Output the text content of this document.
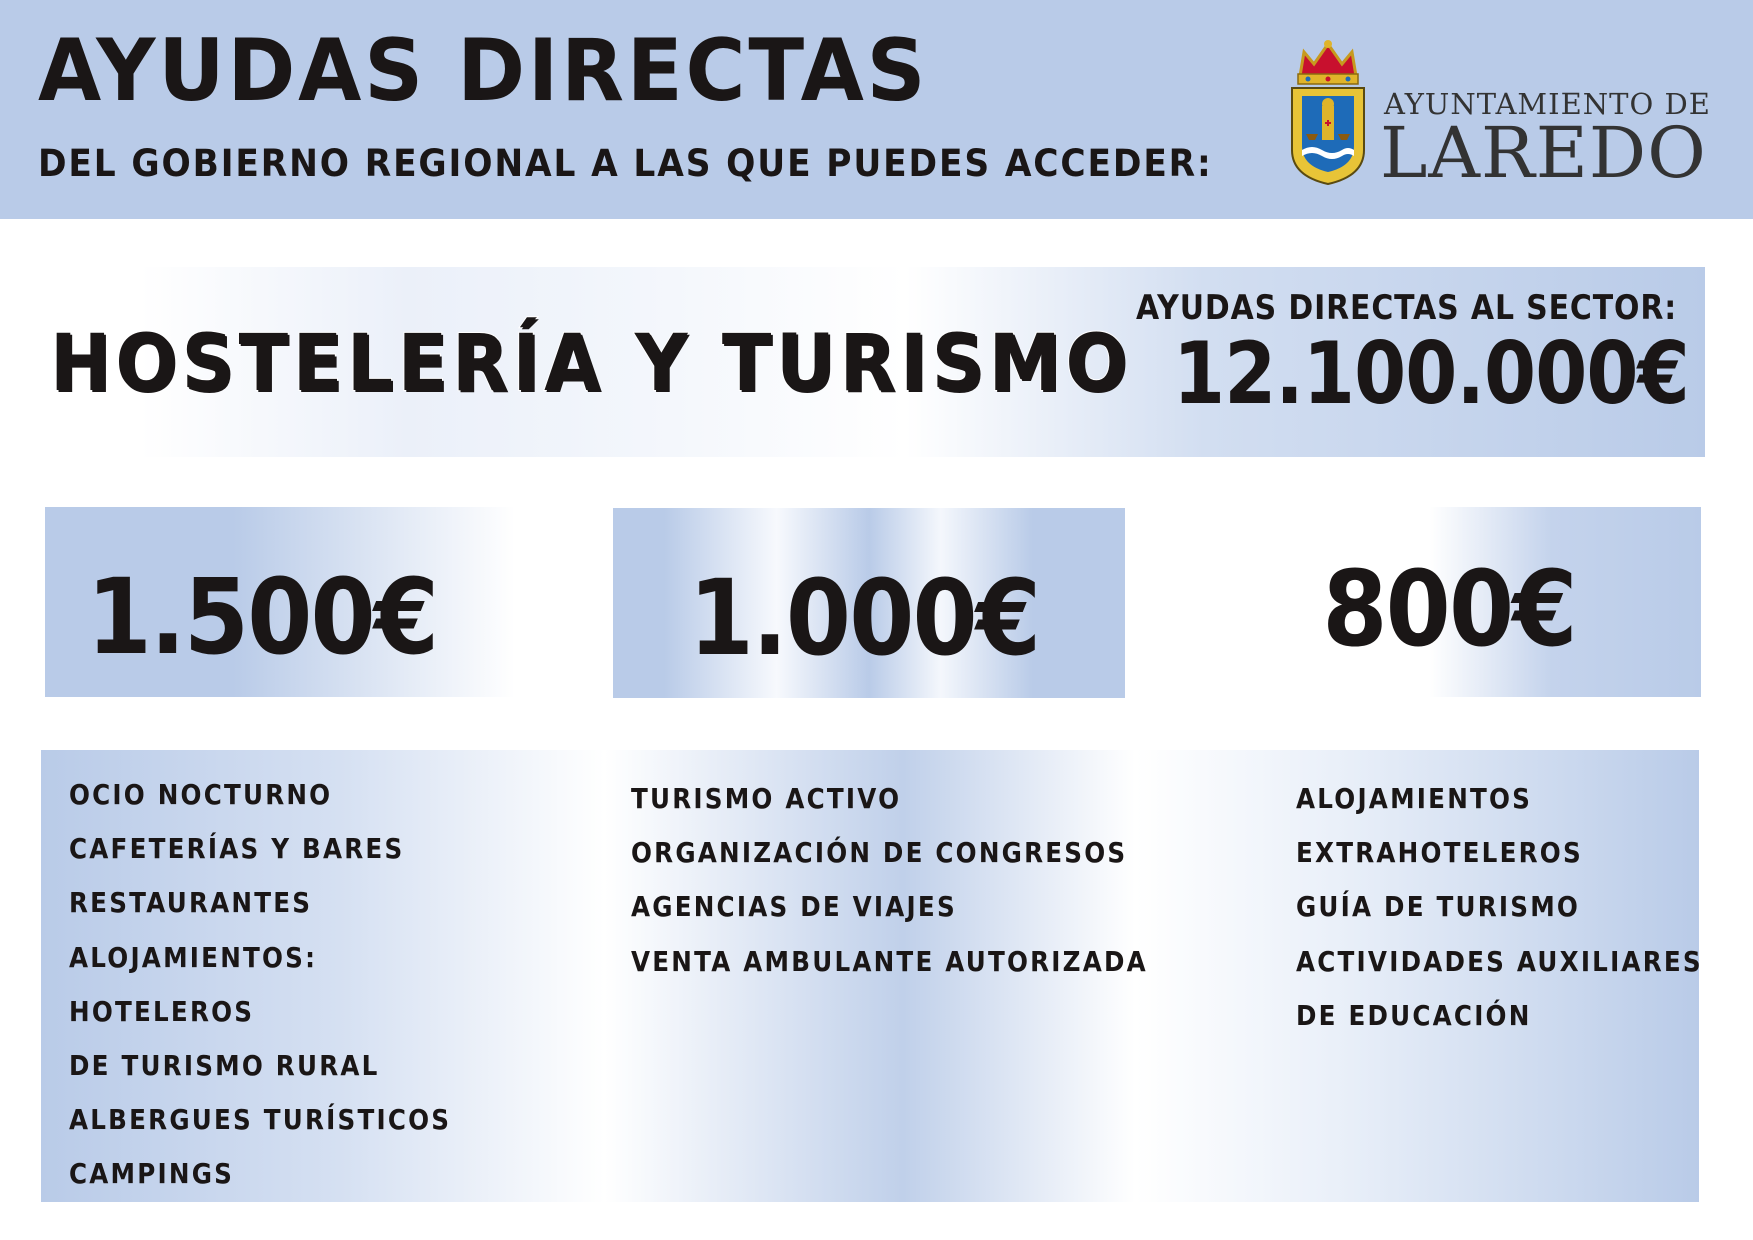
AYUDAS DIRECTAS
DEL GOBIERNO REGIONAL A LAS QUE PUEDES ACCEDER:
AYUNTAMIENTO DE
LAREDO
HOSTELERÍA Y TURISMO
AYUDAS DIRECTAS AL SECTOR:
12.100.000€
1.500€	1.000€	800€
OCIO NOCTURNO
CAFETERÍAS Y BARES
RESTAURANTES
ALOJAMIENTOS:
HOTELEROS
DE TURISMO RURAL
ALBERGUES TURÍSTICOS
CAMPINGS
TURISMO ACTIVO
ORGANIZACIÓN DE CONGRESOS
AGENCIAS DE VIAJES
VENTA AMBULANTE AUTORIZADA
ALOJAMIENTOS
EXTRAHOTELEROS
GUÍA DE TURISMO
ACTIVIDADES AUXILIARES
DE EDUCACIÓN
